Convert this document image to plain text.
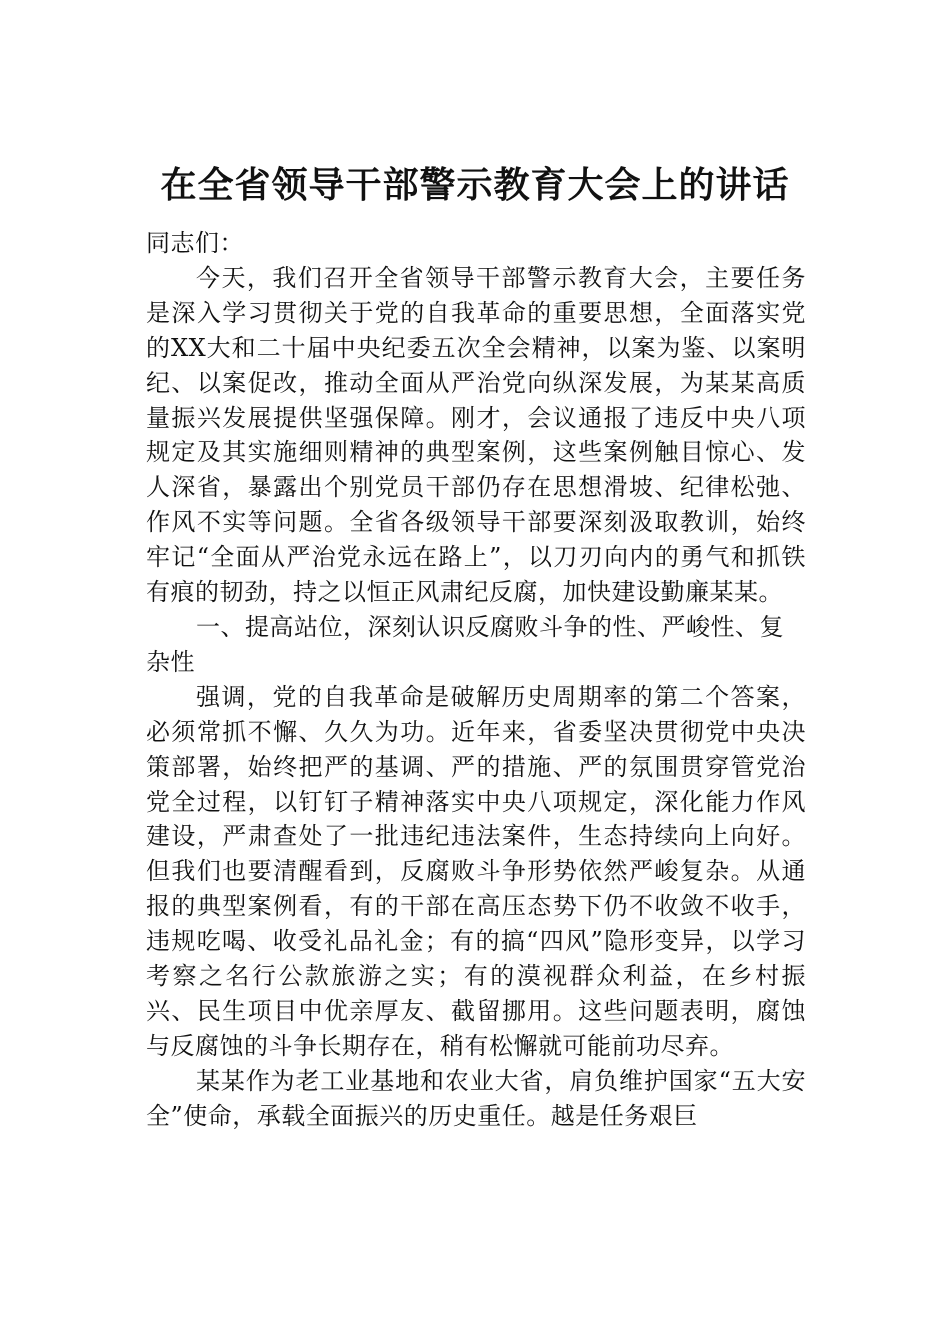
在全省领导干部警示教育大会上的讲话

同志们：

今天，我们召开全省领导干部警示教育大会，主要任务是深入学习贯彻关于党的自我革命的重要思想，全面落实党的XX大和二十届中央纪委五次全会精神，以案为鉴、以案明纪、以案促改，推动全面从严治党向纵深发展，为某某高质量振兴发展提供坚强保障。刚才，会议通报了违反中央八项规定及其实施细则精神的典型案例，这些案例触目惊心、发人深省，暴露出个别党员干部仍存在思想滑坡、纪律松弛、作风不实等问题。全省各级领导干部要深刻汲取教训，始终牢记“全面从严治党永远在路上”，以刀刃向内的勇气和抓铁有痕的韧劲，持之以恒正风肃纪反腐，加快建设勤廉某某。

一、提高站位，深刻认识反腐败斗争的性、严峻性、复杂性

强调，党的自我革命是破解历史周期率的第二个答案，必须常抓不懈、久久为功。近年来，省委坚决贯彻党中央决策部署，始终把严的基调、严的措施、严的氛围贯穿管党治党全过程，以钉钉子精神落实中央八项规定，深化能力作风建设，严肃查处了一批违纪违法案件，生态持续向上向好。但我们也要清醒看到，反腐败斗争形势依然严峻复杂。从通报的典型案例看，有的干部在高压态势下仍不收敛不收手，违规吃喝、收受礼品礼金；有的搞“四风”隐形变异，以学习考察之名行公款旅游之实；有的漠视群众利益，在乡村振兴、民生项目中优亲厚友、截留挪用。这些问题表明，腐蚀与反腐蚀的斗争长期存在，稍有松懈就可能前功尽弃。

某某作为老工业基地和农业大省，肩负维护国家“五大安全”使命，承载全面振兴的历史重任。越是任务艰巨
